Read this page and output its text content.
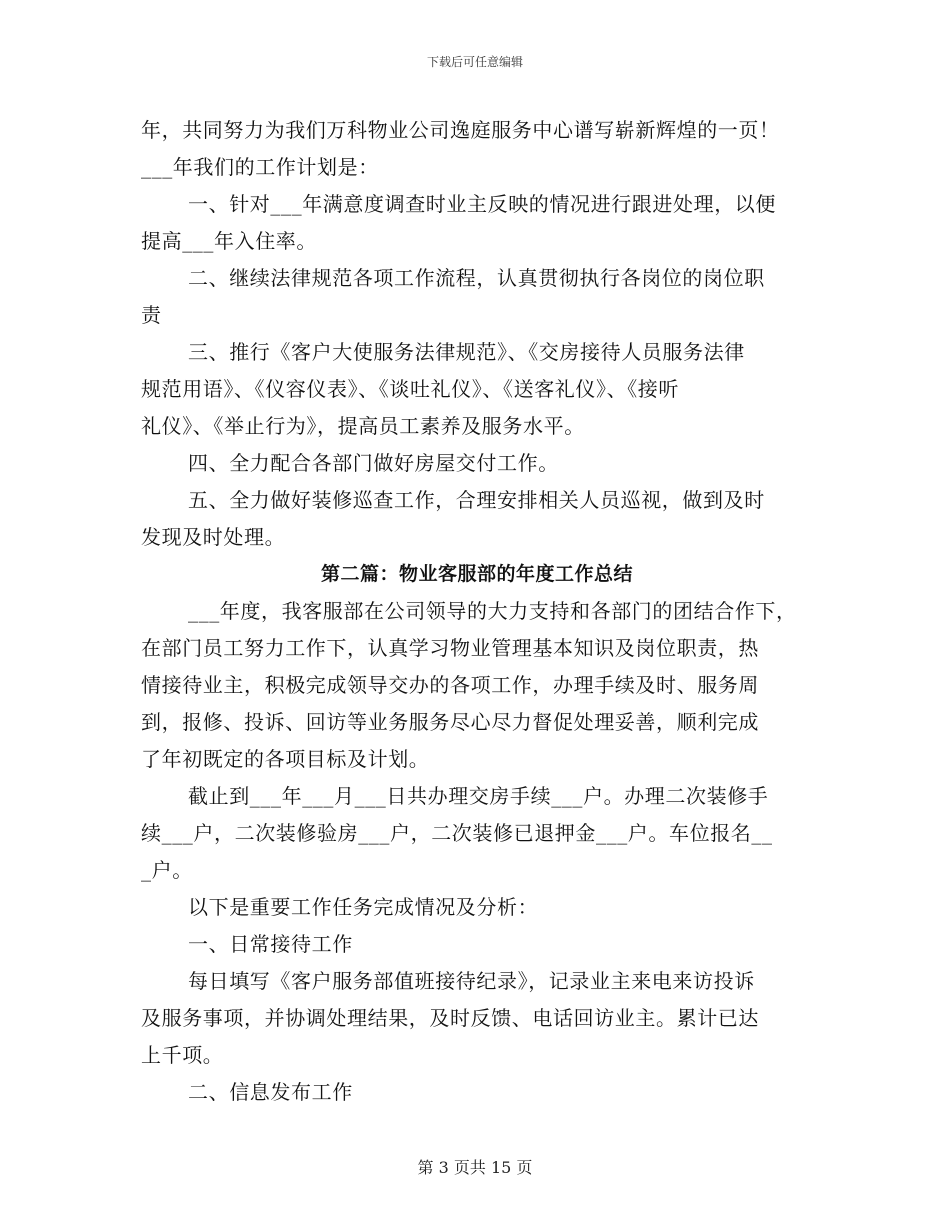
下载后可任意编辑
年，共同努力为我们万科物业公司逸庭服务中心谱写崭新辉煌的一页！
___年我们的工作计划是：
一、针对___年满意度调查时业主反映的情况进行跟进处理，以便
提高___年入住率。
二、继续法律规范各项工作流程，认真贯彻执行各岗位的岗位职
责
三、推行《客户大使服务法律规范》、《交房接待人员服务法律
规范用语》、《仪容仪表》、《谈吐礼仪》、《送客礼仪》、《接听
礼仪》、《举止行为》，提高员工素养及服务水平。
四、全力配合各部门做好房屋交付工作。
五、全力做好装修巡查工作，合理安排相关人员巡视，做到及时
发现及时处理。
第二篇：物业客服部的年度工作总结
___年度，我客服部在公司领导的大力支持和各部门的团结合作下，
在部门员工努力工作下，认真学习物业管理基本知识及岗位职责，热
情接待业主，积极完成领导交办的各项工作，办理手续及时、服务周
到，报修、投诉、回访等业务服务尽心尽力督促处理妥善，顺利完成
了年初既定的各项目标及计划。
截止到___年___月___日共办理交房手续___户。办理二次装修手
续___户，二次装修验房___户，二次装修已退押金___户。车位报名__
_户。
以下是重要工作任务完成情况及分析：
一、日常接待工作
每日填写《客户服务部值班接待纪录》，记录业主来电来访投诉
及服务事项，并协调处理结果，及时反馈、电话回访业主。累计已达
上千项。
二、信息发布工作
第 3 页共 15 页
